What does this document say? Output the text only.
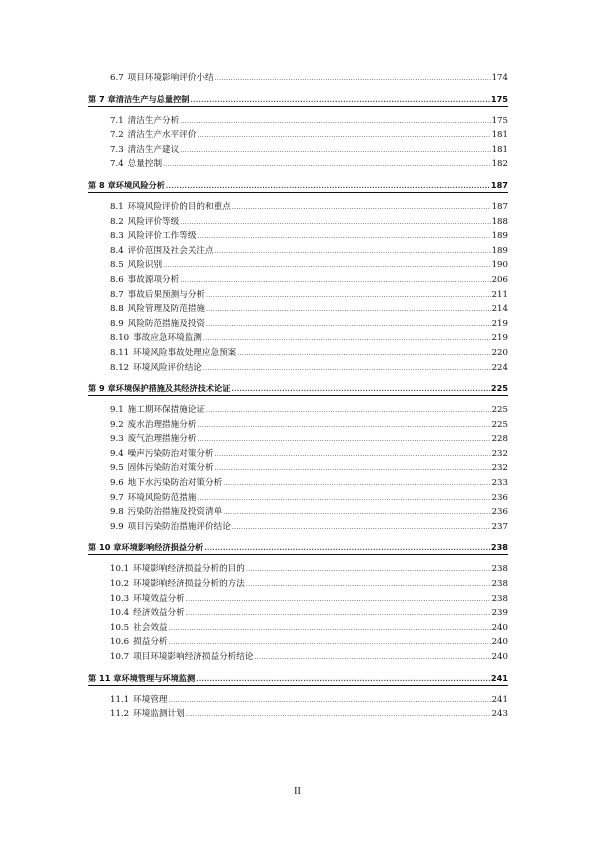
6.7 项目环境影响评价小结 .....	174
第 7 章 清洁生产与总量控制 .....	175
7.1 清洁生产分析 .....	175
7.2 清洁生产水平评价 .....	181
7.3 清洁生产建议 .....	181
7.4 总量控制 .....	182
第 8 章 环境风险分析 .....	187
8.1 环境风险评价的目的和重点 .....	187
8.2 风险评价等级 .....	188
8.3 风险评价工作等级 .....	189
8.4 评价范围及社会关注点 .....	189
8.5 风险识别 .....	190
8.6 事故源项分析 .....	206
8.7 事故后果预测与分析 .....	211
8.8 风险管理及防范措施 .....	214
8.9 风险防范措施及投资 .....	219
8.10 事故应急环境监测 .....	219
8.11 环境风险事故处理应急预案 .....	220
8.12 环境风险评价结论 .....	224
第 9 章 环境保护措施及其经济技术论证 .....	225
9.1 施工期环保措施论证 .....	225
9.2 废水治理措施分析 .....	225
9.3 废气治理措施分析 .....	228
9.4 噪声污染防治对策分析 .....	232
9.5 固体污染防治对策分析 .....	232
9.6 地下水污染防治对策分析 .....	233
9.7 环境风险防范措施 .....	236
9.8 污染防治措施及投资清单 .....	236
9.9 项目污染防治措施评价结论 .....	237
第 10 章 环境影响经济损益分析 .....	238
10.1 环境影响经济损益分析的目的 .....	238
10.2 环境影响经济损益分析的方法 .....	238
10.3 环境效益分析 .....	238
10.4 经济效益分析 .....	239
10.5 社会效益 .....	240
10.6 损益分析 .....	240
10.7 项目环境影响经济损益分析结论 .....	240
第 11 章 环境管理与环境监测 .....	241
11.1 环境管理 .....	241
11.2 环境监测计划 .....	243
II
